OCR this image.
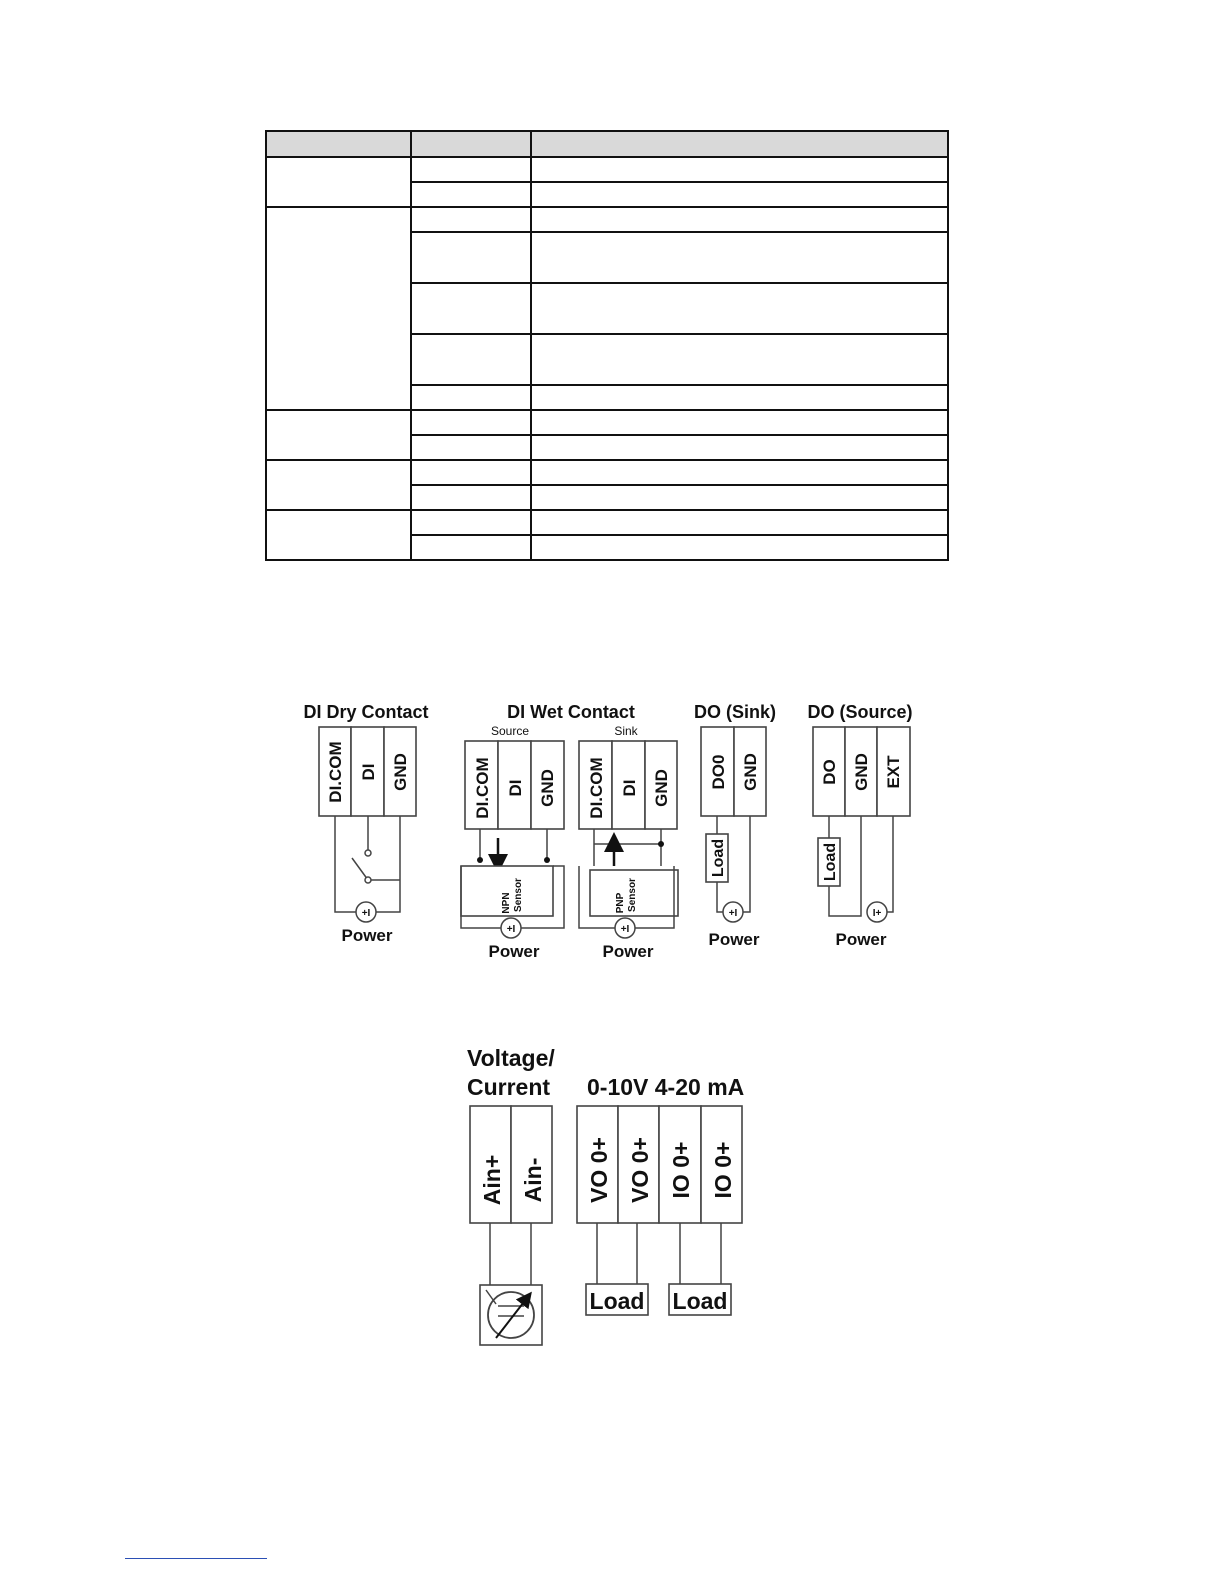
DI Dry Contact
DI.COM DI GND
+I
Power
DI Wet Contact
Source
DI.COM DI GND
NPN Sensor
+I
Power
Sink
DI.COM DI GND
PNP Sensor
+I
Power
DO (Sink)
DO0 GND
Load
+I
Power
DO (Source)
DO GND EXT
Load
I+
Power
Voltage/
Current
Ain+ Ain-
0-10V 4-20 mA
VO 0+ VO 0+ IO 0+ IO 0+
Load Load
